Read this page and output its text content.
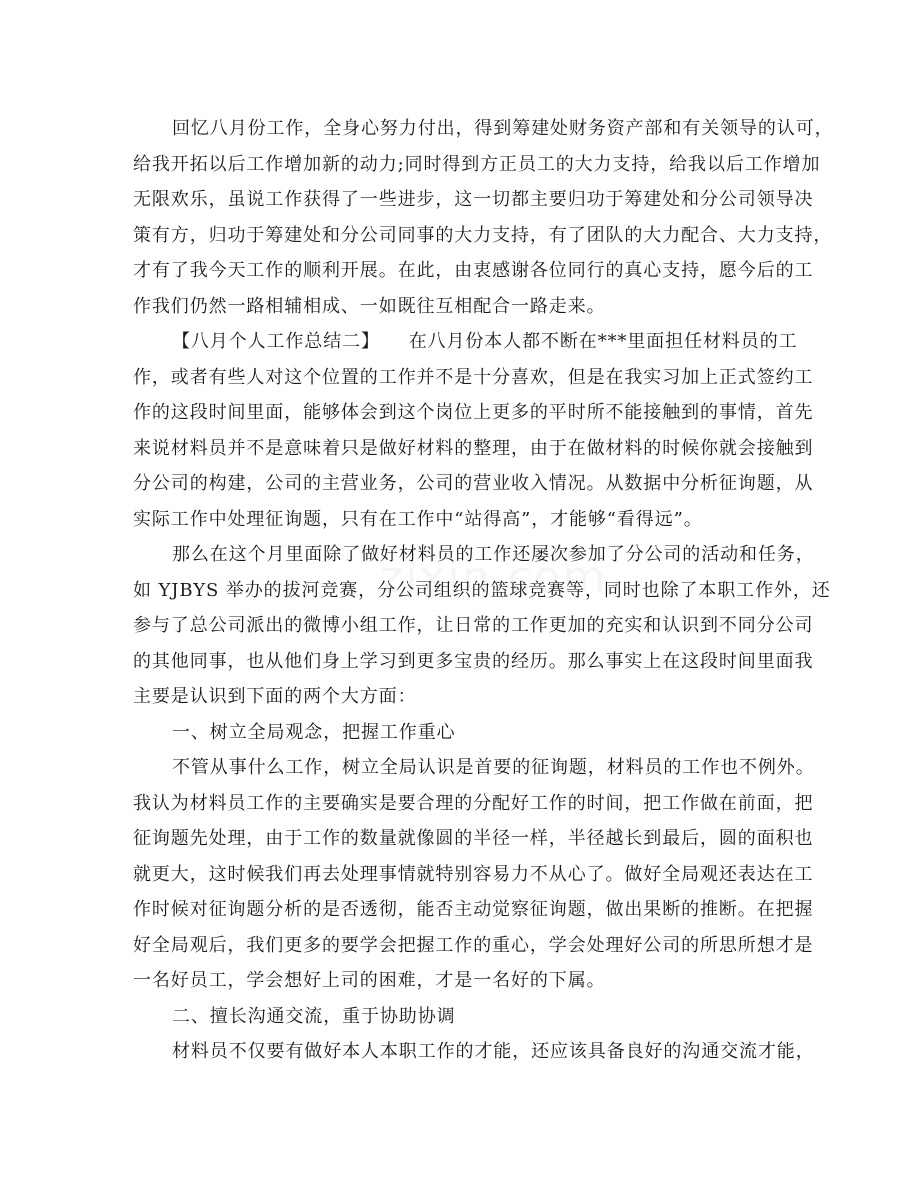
回忆八月份工作，全身心努力付出，得到筹建处财务资产部和有关领导的认可，
给我开拓以后工作增加新的动力;同时得到方正员工的大力支持，给我以后工作增加
无限欢乐，虽说工作获得了一些进步，这一切都主要归功于筹建处和分公司领导决
策有方，归功于筹建处和分公司同事的大力支持，有了团队的大力配合、大力支持，
才有了我今天工作的顺利开展。在此，由衷感谢各位同行的真心支持，愿今后的工
作我们仍然一路相辅相成、一如既往互相配合一路走来。
【八月个人工作总结二】　　在八月份本人都不断在***里面担任材料员的工
作，或者有些人对这个位置的工作并不是十分喜欢，但是在我实习加上正式签约工
作的这段时间里面，能够体会到这个岗位上更多的平时所不能接触到的事情，首先
来说材料员并不是意味着只是做好材料的整理，由于在做材料的时候你就会接触到
分公司的构建，公司的主营业务，公司的营业收入情况。从数据中分析征询题，从
实际工作中处理征询题，只有在工作中“站得高”，才能够“看得远”。
那么在这个月里面除了做好材料员的工作还屡次参加了分公司的活动和任务，
如 YJBYS 举办的拔河竞赛，分公司组织的篮球竞赛等，同时也除了本职工作外，还
参与了总公司派出的微博小组工作，让日常的工作更加的充实和认识到不同分公司
的其他同事，也从他们身上学习到更多宝贵的经历。那么事实上在这段时间里面我
主要是认识到下面的两个大方面：
一、树立全局观念，把握工作重心
不管从事什么工作，树立全局认识是首要的征询题，材料员的工作也不例外。
我认为材料员工作的主要确实是要合理的分配好工作的时间，把工作做在前面，把
征询题先处理，由于工作的数量就像圆的半径一样，半径越长到最后，圆的面积也
就更大，这时候我们再去处理事情就特别容易力不从心了。做好全局观还表达在工
作时候对征询题分析的是否透彻，能否主动觉察征询题，做出果断的推断。在把握
好全局观后，我们更多的要学会把握工作的重心，学会处理好公司的所思所想才是
一名好员工，学会想好上司的困难，才是一名好的下属。
二、擅长沟通交流，重于协助协调
材料员不仅要有做好本人本职工作的才能，还应该具备良好的沟通交流才能，
